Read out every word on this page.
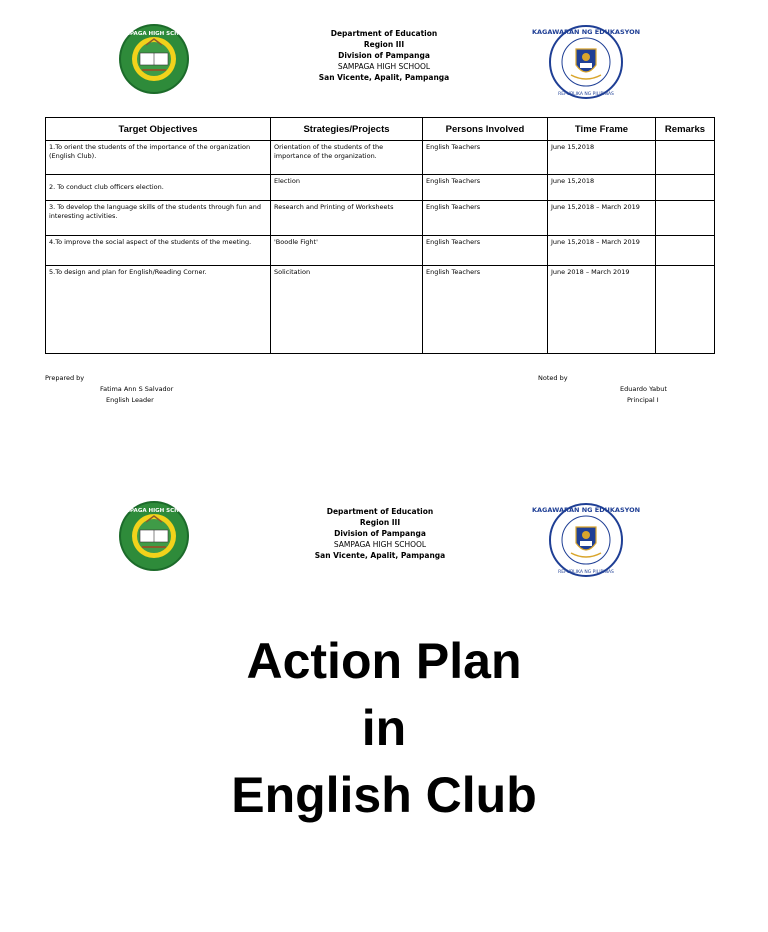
SAMPAGA HIGH SCHOOL	Department of Education
Region III
Division of Pampanga
SAMPAGA HIGH SCHOOL
San Vicente, Apalit, Pampanga
KAGAWARAN NG EDUKASYON
REPUBLIKA NG PILIPINAS
Target Objectives	Strategies/Projects	Persons Involved	Time Frame	Remarks
1.To orient the students of the importance of the organization (English Club).	Orientation of the students of the importance of the organization.	English Teachers	June 15,2018	
2. To conduct club officers election.	Election	English Teachers	June 15,2018	
3. To develop the language skills of the students through fun and interesting activities.	Research and Printing of Worksheets	English Teachers	June 15,2018 – March 2019	
4.To improve the social aspect of the students of the meeting.	'Boodle Fight'	English Teachers	June 15,2018 – March 2019	
5.To design and plan for English/Reading Corner.	Solicitation	English Teachers	June 2018 – March 2019	
Prepared by
Fatima Ann S Salvador
English Leader
Noted by
Eduardo Yabut
Principal I
SAMPAGA HIGH SCHOOL	Department of Education
Region III
Division of Pampanga
SAMPAGA HIGH SCHOOL
San Vicente, Apalit, Pampanga
KAGAWARAN NG EDUKASYON
REPUBLIKA NG PILIPINAS
Action Plan
in
English Club
